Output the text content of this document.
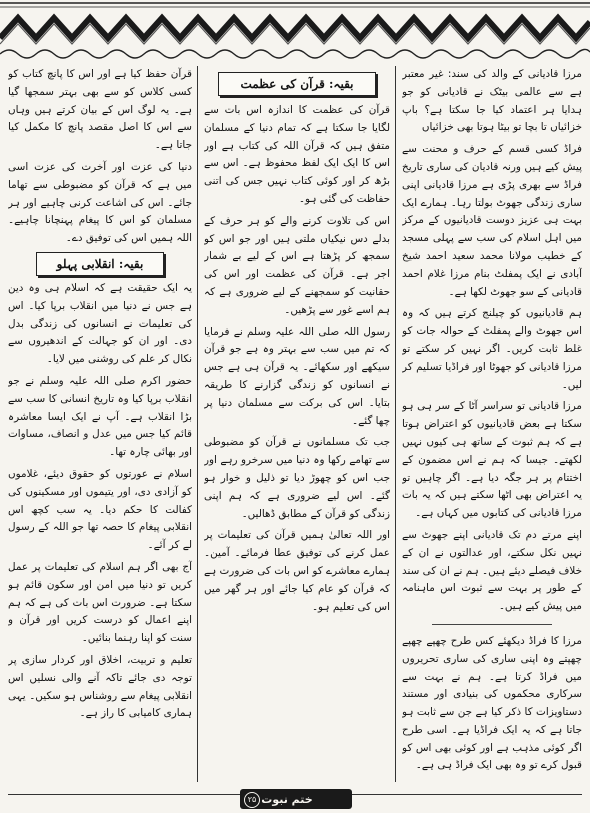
مرزا قادیانی کے والد کی سند: غیر معتبر ہے سے عالمی بیٹک نے قادیانی کو جو ہدایا ہر اعتماد کیا جا سکتا ہے؟ باپ خزائیاں تا بچا تو بیٹا ہوتا بھی خزائیاں

فراڈ کسی قسم کے حرف و محنت سے پیش کیے ہیں ورنہ قادیان کی ساری تاریخ فراڈ سے بھری پڑی ہے مرزا قادیانی اپنی ساری زندگی جھوٹ بولتا رہا۔ ہمارے ایک بہت ہی عزیز دوست قادیانیوں کے مرکز میں اہل اسلام کی سب سے پہلی مسجد کے خطیب مولانا محمد سعید احمد شیخ آبادی نے ایک پمفلٹ بنام مرزا غلام احمد قادیانی کے سو جھوٹ لکھا ہے۔

ہم قادیانیوں کو چیلنج کرتے ہیں کہ وہ اس جھوٹ والے پمفلٹ کے حوالہ جات کو غلط ثابت کریں۔ اگر نہیں کر سکتے تو مرزا قادیانی کو جھوٹا اور فراڈیا تسلیم کر لیں۔

مرزا قادیانی تو سراسر آٹا کے سر ہی ہو سکتا ہے بعض قادیانیوں کو اعتراض ہوتا ہے کہ ہم ثبوت کے ساتھ ہی کیوں نہیں لکھتے۔ جیسا کہ ہم نے اس مضمون کے اختتام پر ہر جگہ دیا ہے۔ اگر چاہیں تو یہ اعتراض بھی اٹھا سکتے ہیں کہ یہ بات مرزا قادیانی کی کتابوں میں کہاں ہے۔

اپنے مرتے دم تک قادیانی اپنے جھوٹ سے نہیں نکل سکتے، اور عدالتوں نے ان کے خلاف فیصلے دیئے ہیں۔ ہم نے ان کی سند کے طور پر بہت سے ثبوت اس ماہنامہ میں پیش کیے ہیں۔

مرزا کا فراڈ دیکھئے کس طرح چھپے چھپے چھپتے وہ اپنی ساری کی ساری تحریروں میں فراڈ کرتا ہے۔ ہم نے بہت سے سرکاری محکموں کی بنیادی اور مستند دستاویزات کا ذکر کیا ہے جن سے ثابت ہو جاتا ہے کہ یہ ایک فراڈیا ہے۔ اسی طرح اگر کوئی مذہب ہے اور کوئی بھی اس کو قبول کرے تو وہ بھی ایک فراڈ ہی ہے۔

بقیہ: قرآن کی عظمت

قرآن کی عظمت کا اندازہ اس بات سے لگایا جا سکتا ہے کہ تمام دنیا کے مسلمان متفق ہیں کہ قرآن اللہ کی کتاب ہے اور اس کا ایک ایک لفظ محفوظ ہے۔ اس سے بڑھ کر اور کوئی کتاب نہیں جس کی اتنی حفاظت کی گئی ہو۔

اس کی تلاوت کرنے والے کو ہر حرف کے بدلے دس نیکیاں ملتی ہیں اور جو اس کو سمجھ کر پڑھتا ہے اس کے لیے بے شمار اجر ہے۔ قرآن کی عظمت اور اس کی حقانیت کو سمجھنے کے لیے ضروری ہے کہ ہم اسے غور سے پڑھیں۔

رسول اللہ صلی اللہ علیہ وسلم نے فرمایا کہ تم میں سب سے بہتر وہ ہے جو قرآن سیکھے اور سکھائے۔ یہ قرآن ہی ہے جس نے انسانوں کو زندگی گزارنے کا طریقہ بتایا۔ اس کی برکت سے مسلمان دنیا پر چھا گئے۔

جب تک مسلمانوں نے قرآن کو مضبوطی سے تھامے رکھا وہ دنیا میں سرخرو رہے اور جب اس کو چھوڑ دیا تو ذلیل و خوار ہو گئے۔ اس لیے ضروری ہے کہ ہم اپنی زندگی کو قرآن کے مطابق ڈھالیں۔

اور اللہ تعالیٰ ہمیں قرآن کی تعلیمات پر عمل کرنے کی توفیق عطا فرمائے۔ آمین۔ ہمارے معاشرے کو اس بات کی ضرورت ہے کہ قرآن کو عام کیا جائے اور ہر گھر میں اس کی تعلیم ہو۔

قرآن حفظ کیا ہے اور اس کا پانچ کتاب کو کسی کلاس کو سے بھی بہتر سمجھا گیا ہے۔ یہ لوگ اس کے بیان کرتے ہیں وہاں سے اس کا اصل مقصد پانچ کا مکمل کیا جاتا ہے۔

دنیا کی عزت اور آخرت کی عزت اسی میں ہے کہ قرآن کو مضبوطی سے تھاما جائے۔ اس کی اشاعت کرنی چاہیے اور ہر مسلمان کو اس کا پیغام پہنچانا چاہیے۔ اللہ ہمیں اس کی توفیق دے۔

بقیہ: انقلابی پہلو

یہ ایک حقیقت ہے کہ اسلام ہی وہ دین ہے جس نے دنیا میں انقلاب برپا کیا۔ اس کی تعلیمات نے انسانوں کی زندگی بدل دی۔ اور ان کو جہالت کے اندھیروں سے نکال کر علم کی روشنی میں لایا۔

حضور اکرم صلی اللہ علیہ وسلم نے جو انقلاب برپا کیا وہ تاریخ انسانی کا سب سے بڑا انقلاب ہے۔ آپ نے ایک ایسا معاشرہ قائم کیا جس میں عدل و انصاف، مساوات اور بھائی چارہ تھا۔

اسلام نے عورتوں کو حقوق دیئے، غلاموں کو آزادی دی، اور یتیموں اور مسکینوں کی کفالت کا حکم دیا۔ یہ سب کچھ اس انقلابی پیغام کا حصہ تھا جو اللہ کے رسول لے کر آئے۔

آج بھی اگر ہم اسلام کی تعلیمات پر عمل کریں تو دنیا میں امن اور سکون قائم ہو سکتا ہے۔ ضرورت اس بات کی ہے کہ ہم اپنے اعمال کو درست کریں اور قرآن و سنت کو اپنا رہنما بنائیں۔

تعلیم و تربیت، اخلاق اور کردار سازی پر توجہ دی جائے تاکہ آنے والی نسلیں اس انقلابی پیغام سے روشناس ہو سکیں۔ یہی ہماری کامیابی کا راز ہے۔

ختم نبوت
۲۵
